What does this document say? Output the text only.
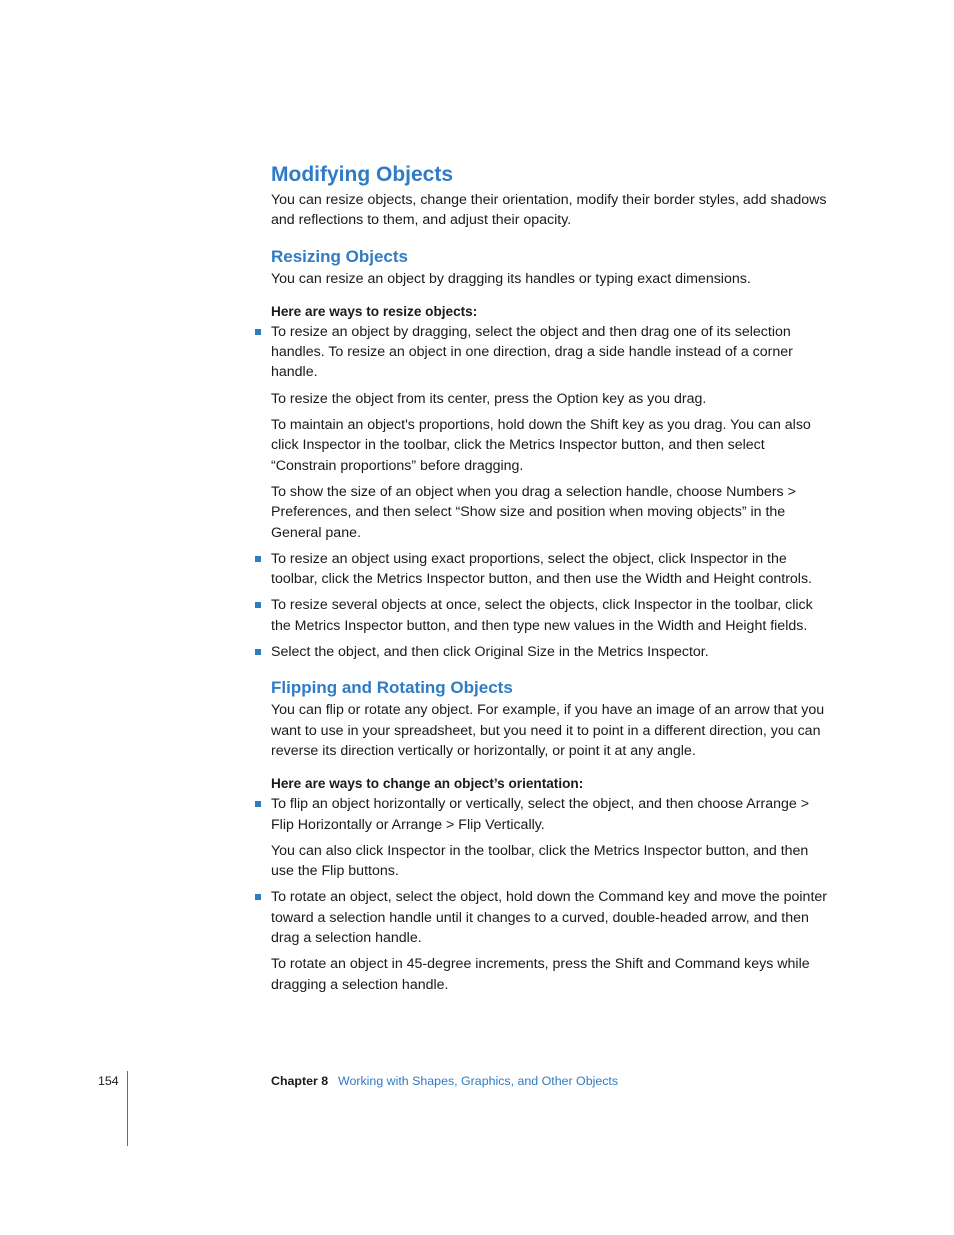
Modifying Objects

You can resize objects, change their orientation, modify their border styles, add shadows and reflections to them, and adjust their opacity.

Resizing Objects

You can resize an object by dragging its handles or typing exact dimensions.

Here are ways to resize objects:

To resize an object by dragging, select the object and then drag one of its selection handles. To resize an object in one direction, drag a side handle instead of a corner handle.

To resize the object from its center, press the Option key as you drag.

To maintain an object's proportions, hold down the Shift key as you drag. You can also click Inspector in the toolbar, click the Metrics Inspector button, and then select “Constrain proportions” before dragging.

To show the size of an object when you drag a selection handle, choose Numbers > Preferences, and then select “Show size and position when moving objects” in the General pane.

To resize an object using exact proportions, select the object, click Inspector in the toolbar, click the Metrics Inspector button, and then use the Width and Height controls.

To resize several objects at once, select the objects, click Inspector in the toolbar, click the Metrics Inspector button, and then type new values in the Width and Height fields.

Select the object, and then click Original Size in the Metrics Inspector.

Flipping and Rotating Objects

You can flip or rotate any object. For example, if you have an image of an arrow that you want to use in your spreadsheet, but you need it to point in a different direction, you can reverse its direction vertically or horizontally, or point it at any angle.

Here are ways to change an object’s orientation:

To flip an object horizontally or vertically, select the object, and then choose Arrange > Flip Horizontally or Arrange > Flip Vertically.

You can also click Inspector in the toolbar, click the Metrics Inspector button, and then use the Flip buttons.

To rotate an object, select the object, hold down the Command key and move the pointer toward a selection handle until it changes to a curved, double-headed arrow, and then drag a selection handle.

To rotate an object in 45-degree increments, press the Shift and Command keys while dragging a selection handle.

154	Chapter 8 Working with Shapes, Graphics, and Other Objects
